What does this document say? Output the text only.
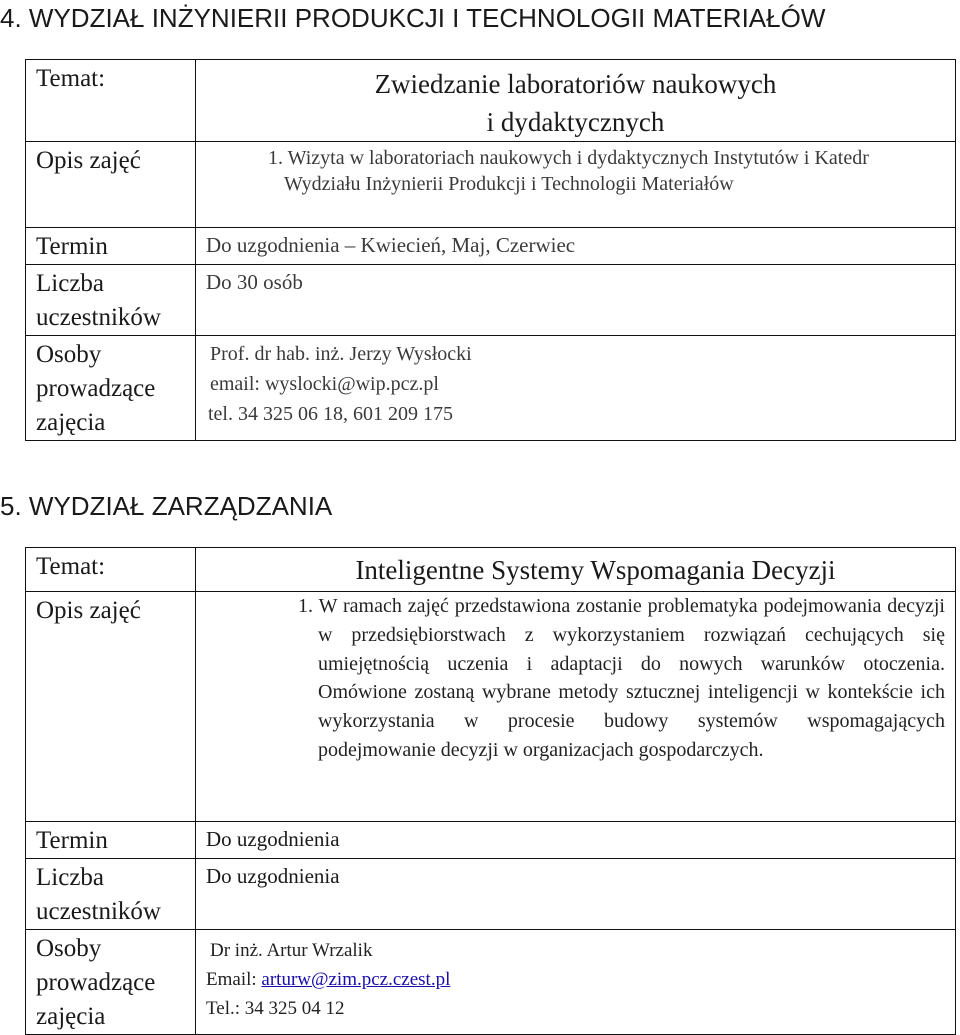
4. WYDZIAŁ INŻYNIERII PRODUKCJI I TECHNOLOGII MATERIAŁÓW
Temat:	Zwiedzanie laboratoriów naukowych
i dydaktycznych

Opis zajęć	1. Wizyta w laboratoriach naukowych i dydaktycznych Instytutów i Katedr Wydziału Inżynierii Produkcji i Technologii Materiałów

Termin	Do uzgodnienia – Kwiecień, Maj, Czerwiec
Liczba uczestników	Do 30 osób
Osoby prowadzące zajęcia	Prof. dr hab. inż. Jerzy Wysłocki
email: wyslocki@wip.pcz.pl
tel. 34 325 06 18, 601 209 175
5. WYDZIAŁ ZARZĄDZANIA
Temat:	Inteligentne Systemy Wspomagania Decyzji

Opis zajęć	1. W ramach zajęć przedstawiona zostanie problematyka podejmowania decyzji w przedsiębiorstwach z wykorzystaniem rozwiązań cechujących się umiejętnością uczenia i adaptacji do nowych warunków otoczenia. Omówione zostaną wybrane metody sztucznej inteligencji w kontekście ich wykorzystania w procesie budowy systemów wspomagających podejmowanie decyzji w organizacjach gospodarczych.

Termin	Do uzgodnienia
Liczba uczestników	Do uzgodnienia
Osoby prowadzące zajęcia	Dr inż. Artur Wrzalik
Email: arturw@zim.pcz.czest.pl
Tel.: 34 325 04 12
